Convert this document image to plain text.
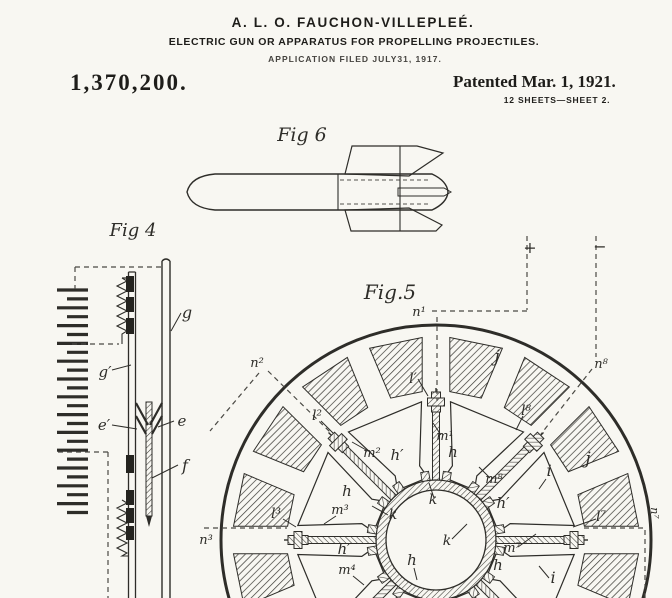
A. L. O. FAUCHON-VILLEPLEÉ.
ELECTRIC GUN OR APPARATUS FOR PROPELLING PROJECTILES.
APPLICATION FILED JULY31, 1917.
1,370,200.	Patented Mar. 1, 1921.
12 SHEETS—SHEET 2.
Fig 6
Fig 4
Fig.5
+	−
g
g′
e′	e
f
n¹
n²	n⁸
n³
n⁷
j
j
i
i
l′
l²
l³	l⁷
l⁸
m¹
m²
m³
m⁴
m⁷
m⁸
h
h
h	h
h′
h′
h′
k
k
k
